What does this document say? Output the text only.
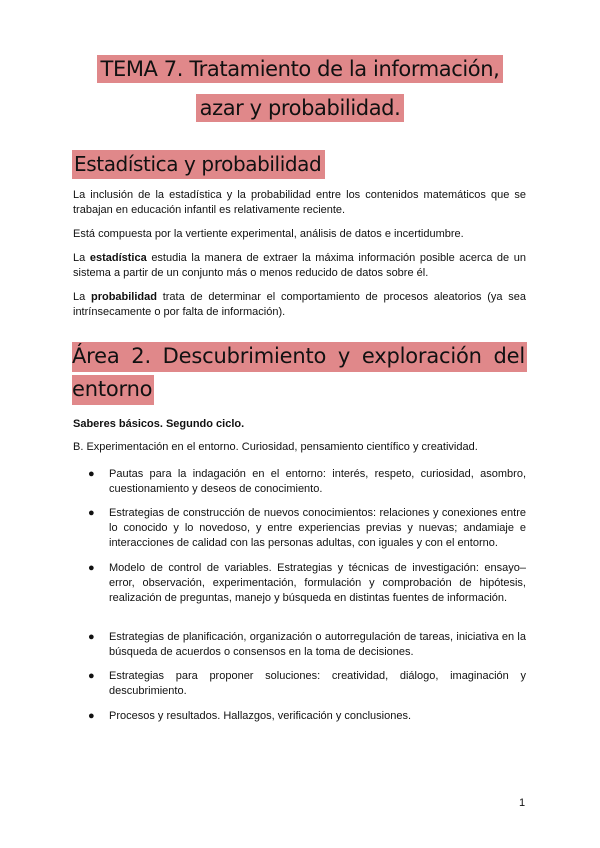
TEMA 7. Tratamiento de la información,
azar y probabilidad.
Estadística y probabilidad

La inclusión de la estadística y la probabilidad entre los contenidos matemáticos que se trabajan en educación infantil es relativamente reciente.

Está compuesta por la vertiente experimental, análisis de datos e incertidumbre.

La estadística estudia la manera de extraer la máxima información posible acerca de un sistema a partir de un conjunto más o menos reducido de datos sobre él.

La probabilidad trata de determinar el comportamiento de procesos aleatorios (ya sea intrínsecamente o por falta de información).

Área 2. Descubrimiento y exploración del
entorno
Saberes básicos. Segundo ciclo.
B. Experimentación en el entorno. Curiosidad, pensamiento científico y creatividad.
● Pautas para la indagación en el entorno: interés, respeto, curiosidad, asombro, cuestionamiento y deseos de conocimiento.
● Estrategias de construcción de nuevos conocimientos: relaciones y conexiones entre lo conocido y lo novedoso, y entre experiencias previas y nuevas; andamiaje e interacciones de calidad con las personas adultas, con iguales y con el entorno.
● Modelo de control de variables. Estrategias y técnicas de investigación: ensayo–error, observación, experimentación, formulación y comprobación de hipótesis, realización de preguntas, manejo y búsqueda en distintas fuentes de información.
● Estrategias de planificación, organización o autorregulación de tareas, iniciativa en la búsqueda de acuerdos o consensos en la toma de decisiones.
● Estrategias para proponer soluciones: creatividad, diálogo, imaginación y descubrimiento.
● Procesos y resultados. Hallazgos, verificación y conclusiones.
1
